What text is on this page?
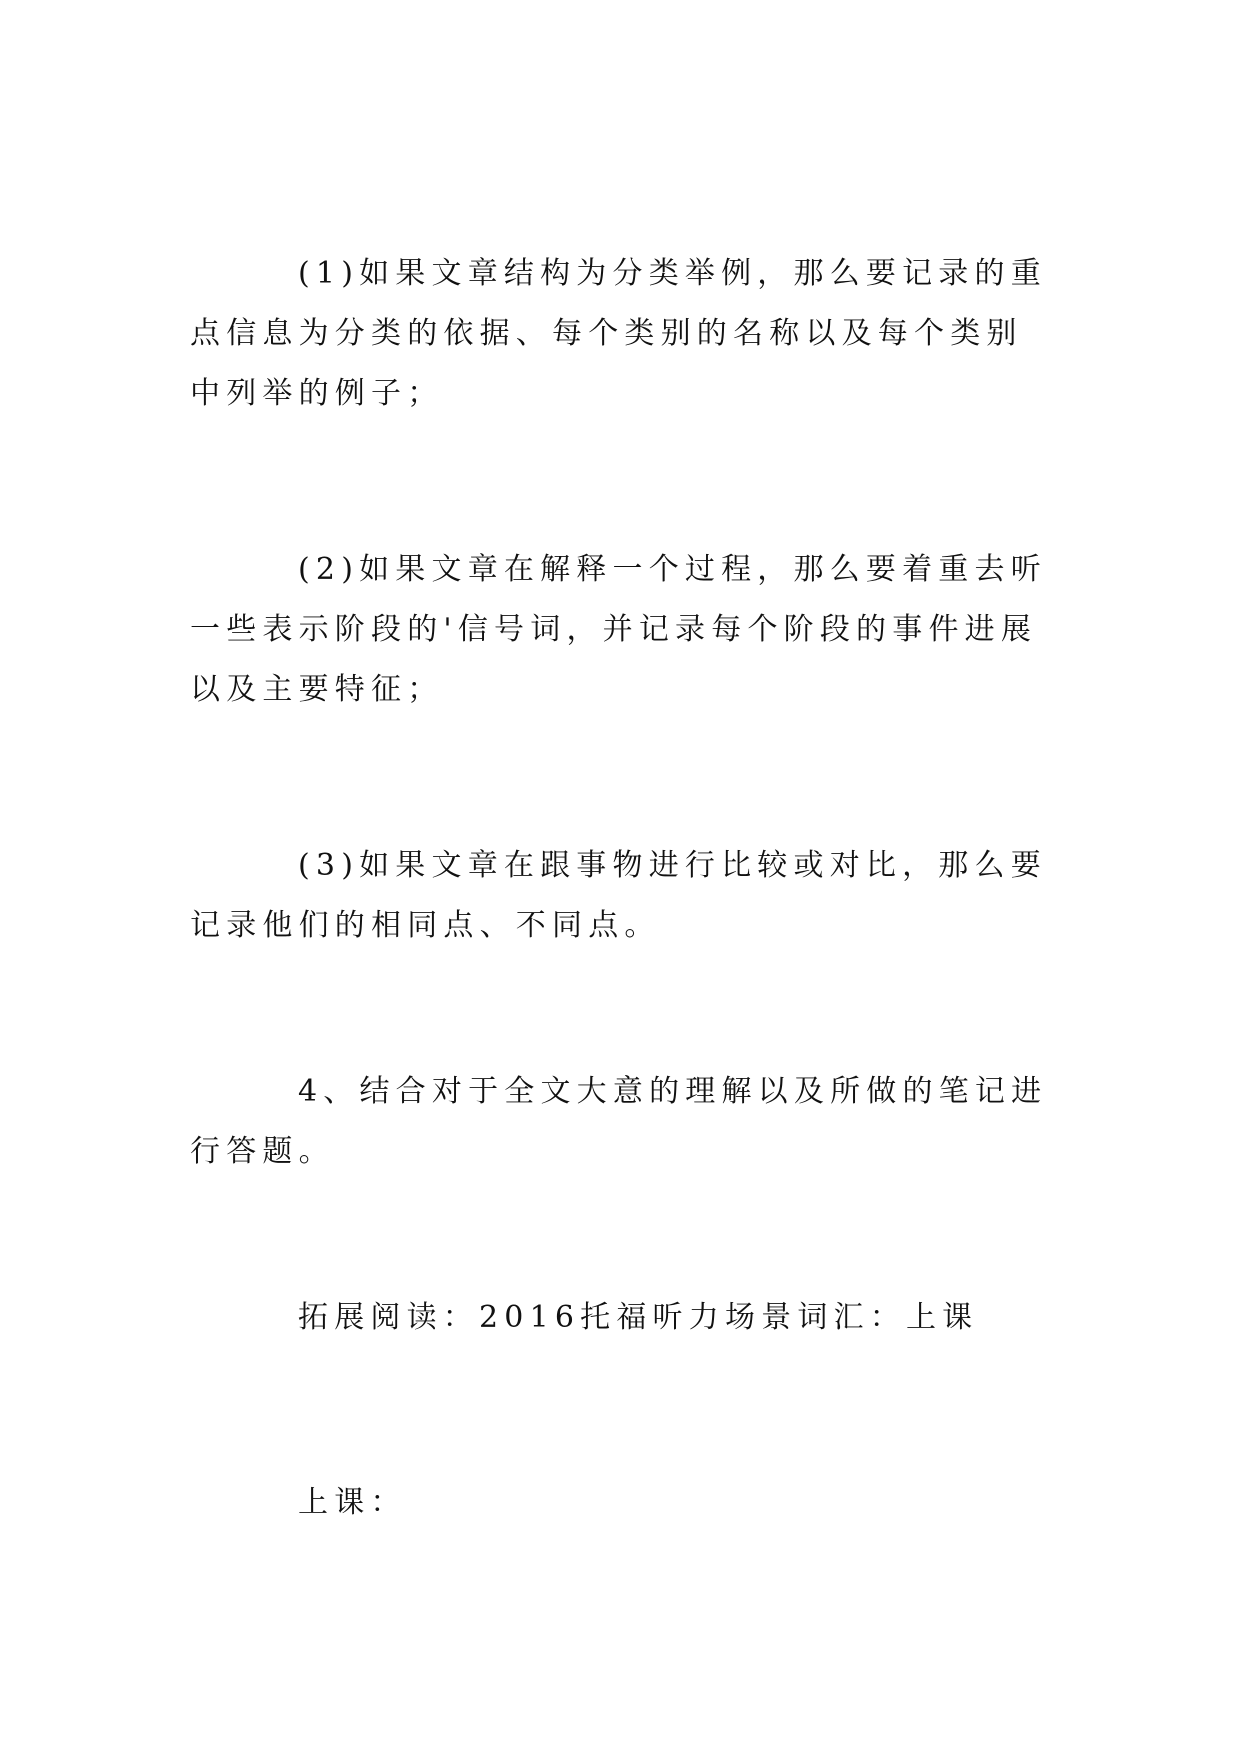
(1)如果文章结构为分类举例，那么要记录的重点信息为分类的依据、每个类别的名称以及每个类别中列举的例子；

(2)如果文章在解释一个过程，那么要着重去听一些表示阶段的'信号词，并记录每个阶段的事件进展以及主要特征；

(3)如果文章在跟事物进行比较或对比，那么要记录他们的相同点、不同点。

4、结合对于全文大意的理解以及所做的笔记进行答题。

拓展阅读：2016托福听力场景词汇：上课

上课：
